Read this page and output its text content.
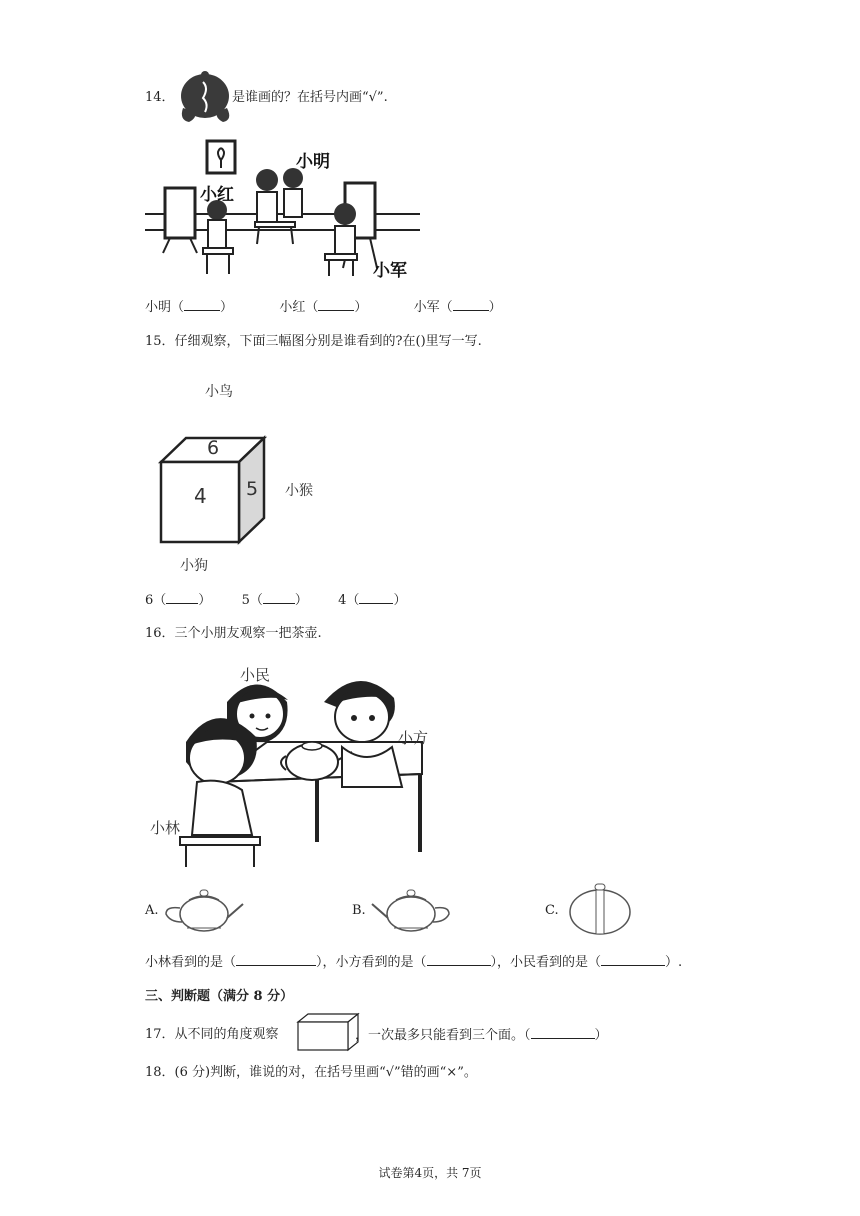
14．	是谁画的？在括号内画“√”.
小明
小红
小军
小明（	）	小红（	）	小军（	）
15．仔细观察，下面三幅图分别是谁看到的?在()里写一写.
小鸟
6
4 5 小猴
小狗
6（ ） 5（ ） 4（	）
16．三个小朋友观察一把茶壶.
小民
小方
小林
A.	B.	C.
小林看到的是（	），小方看到的是（	），小民看到的是（	）.
三、判断题（满分 8 分）
17．从不同的角度观察	，一次最多只能看到三个面。（	）
18．(6 分)判断，谁说的对，在括号里画“√”错的画“×”。
试卷第4页，共 7页
